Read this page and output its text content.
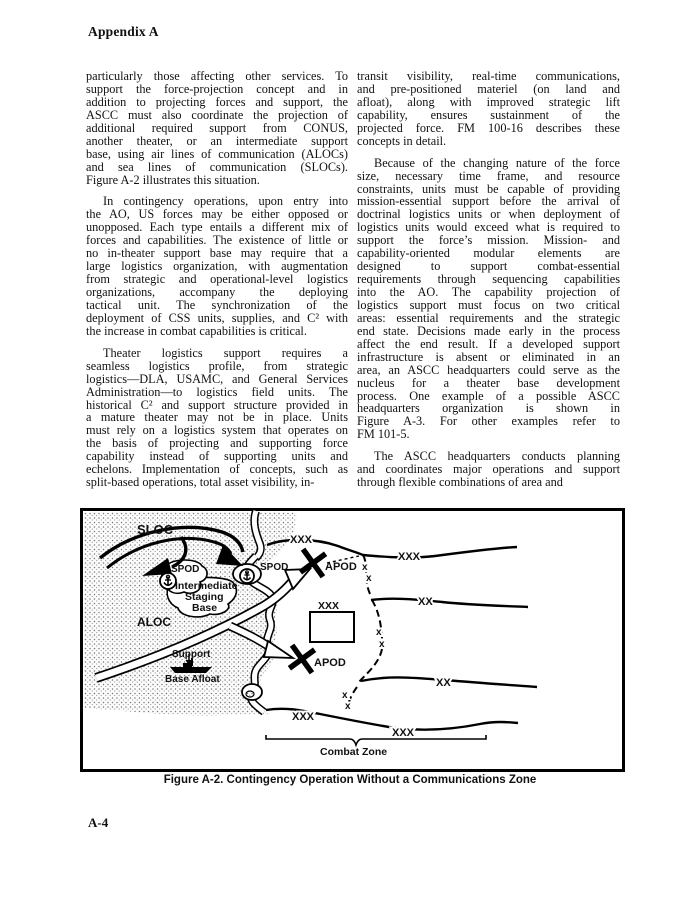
Appendix A
particularly those affecting other services. To
support the force-projection concept and in
addition to projecting forces and support, the
ASCC must also coordinate the projection of
additional required support from CONUS,
another theater, or an intermediate support
base, using air lines of communication (ALOCs)
and sea lines of communication (SLOCs).
Figure A-2 illustrates this situation.
In contingency operations, upon entry into
the AO, US forces may be either opposed or
unopposed. Each type entails a different mix of
forces and capabilities. The existence of little or
no in-theater support base may require that a
large logistics organization, with augmentation
from strategic and operational-level logistics
organizations, accompany the deploying
tactical unit. The synchronization of the
deployment of CSS units, supplies, and C² with
the increase in combat capabilities is critical.
Theater logistics support requires a
seamless logistics profile, from strategic
logistics—DLA, USAMC, and General Services
Administration—to logistics field units. The
historical C² and support structure provided in
a mature theater may not be in place. Units
must rely on a logistics system that operates on
the basis of projecting and supporting force
capability instead of supporting units and
echelons. Implementation of concepts, such as
split-based operations, total asset visibility, in-
transit visibility, real-time communications,
and pre-positioned materiel (on land and
afloat), along with improved strategic lift
capability, ensures sustainment of the
projected force. FM 100-16 describes these
concepts in detail.
Because of the changing nature of the force
size, necessary time frame, and resource
constraints, units must be capable of providing
mission-essential support before the arrival of
doctrinal logistics units or when deployment of
logistics units would exceed what is required to
support the force’s mission. Mission- and
capability-oriented modular elements are
designed to support combat-essential
requirements through sequencing capabilities
into the AO. The capability projection of
logistics support must focus on two critical
areas: essential requirements and the strategic
end state. Decisions made early in the process
affect the end result. If a developed support
infrastructure is absent or eliminated in an
area, an ASCC headquarters could serve as the
nucleus for a theater base development
process. One example of a possible ASCC
headquarters organization is shown in
Figure A-3. For other examples refer to
FM 101-5.
The ASCC headquarters conducts planning
and coordinates major operations and support
through flexible combinations of area and
SLOC
SPOD	SPOD
Intermediate
Staging
Base
ALOC
APOD
APOD
Support
Base Afloat
Combat Zone
XXX
XXX
XXX
XX
XX
XXX
XXX
x
x
x
x
x
x
Figure A-2. Contingency Operation Without a Communications Zone
A-4
